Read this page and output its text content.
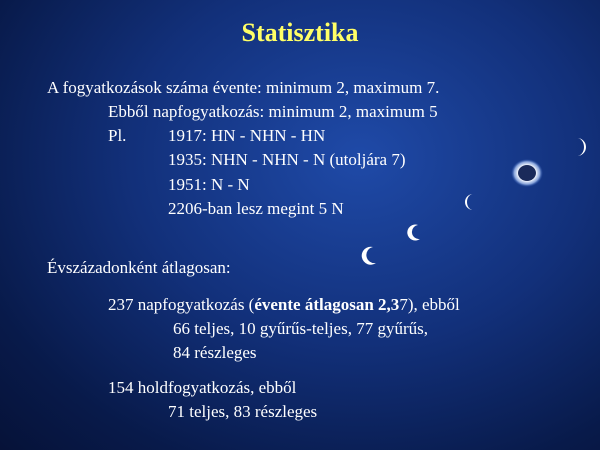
Statisztika
A fogyatkozások száma évente: minimum 2, maximum 7.
Ebből napfogyatkozás: minimum 2, maximum 5
Pl. 1917: HN - NHN - HN
1935: NHN - NHN - N (utoljára 7)
1951: N - N
2206-ban lesz megint 5 N
Évszázadonként átlagosan:
237 napfogyatkozás (évente átlagosan 2,37), ebből
66 teljes, 10 gyűrűs-teljes, 77 gyűrűs,
84 részleges
154 holdfogyatkozás, ebből
71 teljes, 83 részleges
